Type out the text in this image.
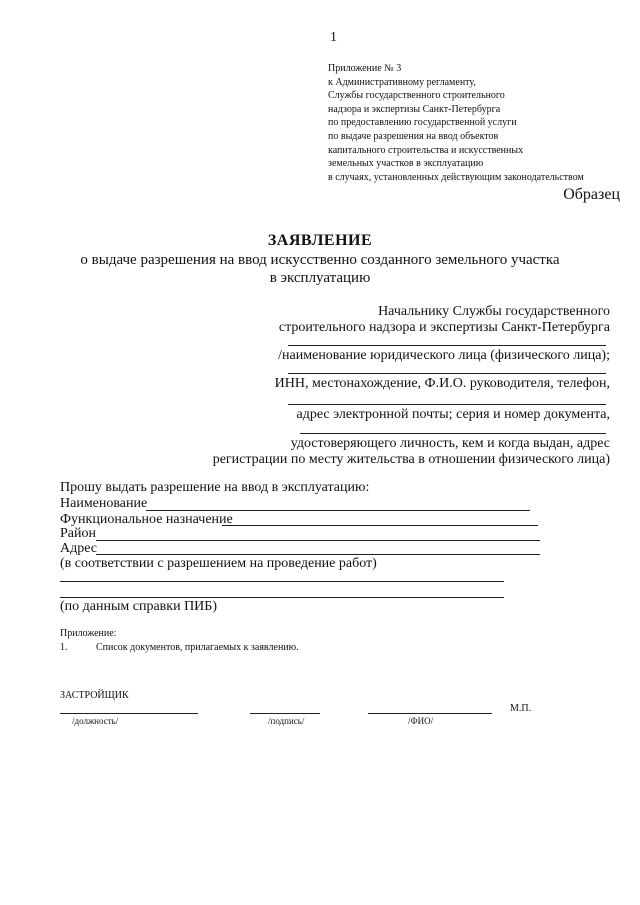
1
Приложение № 3
к Административному регламенту,
Службы государственного строительного
надзора и экспертизы Санкт-Петербурга
по предоставлению государственной услуги
по выдаче разрешения на ввод объектов
капитального строительства и искусственных
земельных участков в эксплуатацию
в случаях, установленных действующим законодательством
Образец
ЗАЯВЛЕНИЕ
о выдаче разрешения на ввод искусственно созданного земельного участка
в эксплуатацию
Начальнику Службы государственного
строительного надзора и экспертизы Санкт-Петербурга
/наименование юридического лица (физического лица);
ИНН, местонахождение, Ф.И.О. руководителя, телефон,
адрес электронной почты; серия и номер документа,
удостоверяющего личность, кем и когда выдан, адрес
регистрации по месту жительства в отношении физического лица)
Прошу выдать разрешение на ввод в эксплуатацию:
Наименование
Функциональное назначение
Район
Адрес
(в соответствии с разрешением на проведение работ)
(по данным справки ПИБ)
Приложение:
1.	Список документов, прилагаемых к заявлению.
ЗАСТРОЙЩИК
М.П.
/должность/	/подпись/	/ФИО/
